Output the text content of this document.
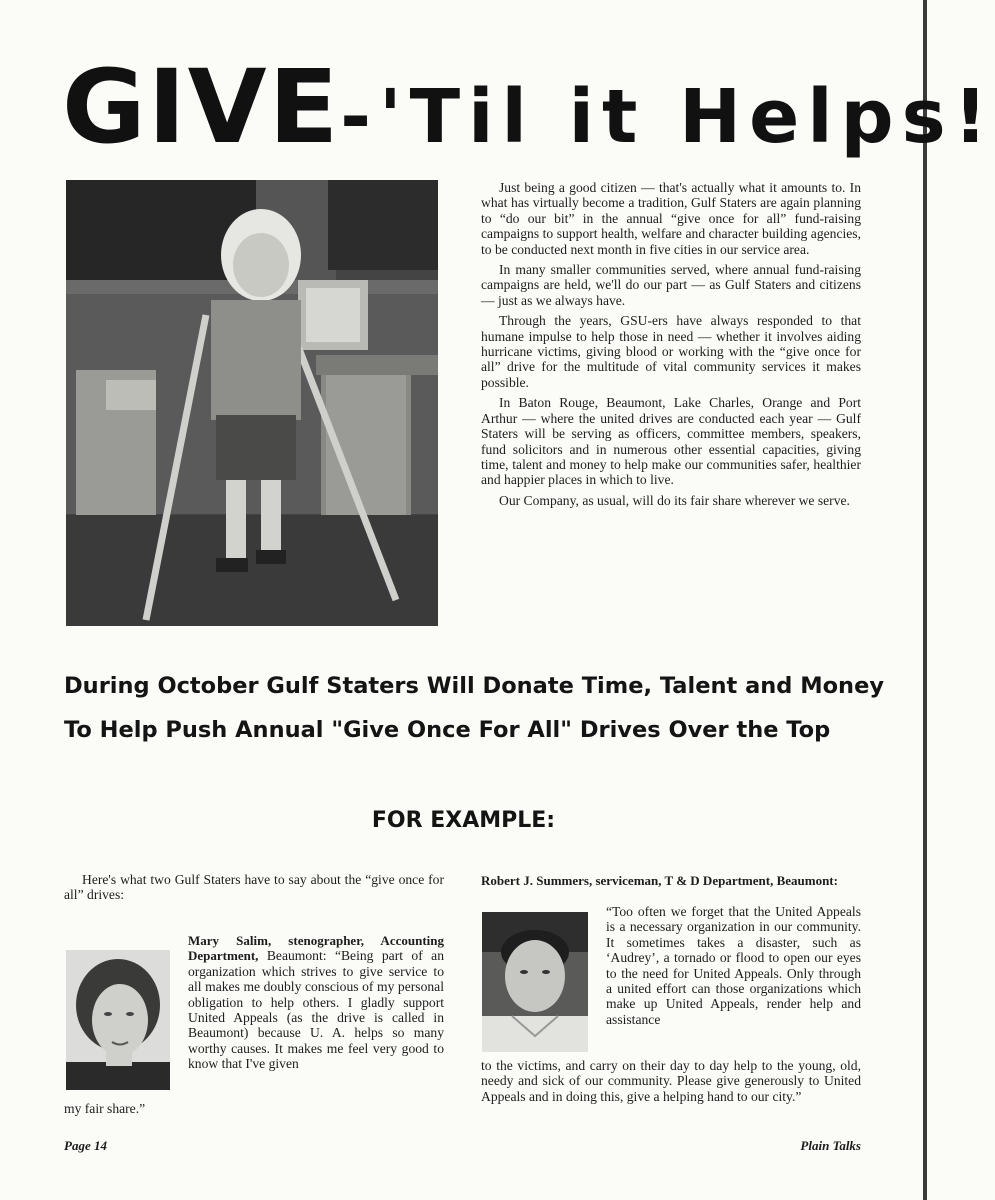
GIVE-'Til it Helps!

Just being a good citizen — that's actually what it amounts to. In what has virtually become a tradition, Gulf Staters are again planning to “do our bit” in the annual “give once for all” fund-raising campaigns to support health, welfare and character building agencies, to be conducted next month in five cities in our service area.

In many smaller communities served, where annual fund-raising campaigns are held, we'll do our part — as Gulf Staters and citizens — just as we always have.

Through the years, GSU-ers have always responded to that humane impulse to help those in need — whether it involves aiding hurricane victims, giving blood or working with the “give once for all” drive for the multitude of vital community services it makes possible.

In Baton Rouge, Beaumont, Lake Charles, Orange and Port Arthur — where the united drives are conducted each year — Gulf Staters will be serving as officers, committee members, speakers, fund solicitors and in numerous other essential capacities, giving time, talent and money to help make our communities safer, healthier and happier places in which to live.

Our Company, as usual, will do its fair share wherever we serve.

During October Gulf Staters Will Donate Time, Talent and Money
To Help Push Annual "Give Once For All" Drives Over the Top
FOR EXAMPLE:

Here's what two Gulf Staters have to say about the “give once for all” drives:

Mary Salim, stenographer, Accounting Department, Beaumont: “Being part of an organization which strives to give service to all makes me doubly conscious of my personal obligation to help others. I gladly support United Appeals (as the drive is called in Beaumont) because U. A. helps so many worthy causes. It makes me feel very good to know that I've given
my fair share.”
Robert J. Summers, serviceman, T & D Department, Beaumont:
“Too often we forget that the United Appeals is a necessary organization in our community. It sometimes takes a disaster, such as ‘Audrey’, a tornado or flood to open our eyes to the need for United Appeals. Only through a united effort can those organizations which make up United Appeals, render help and assistance
to the victims, and carry on their day to day help to the young, old, needy and sick of our community. Please give generously to United Appeals and in doing this, give a helping hand to our city.”
Page 14	Plain Talks
